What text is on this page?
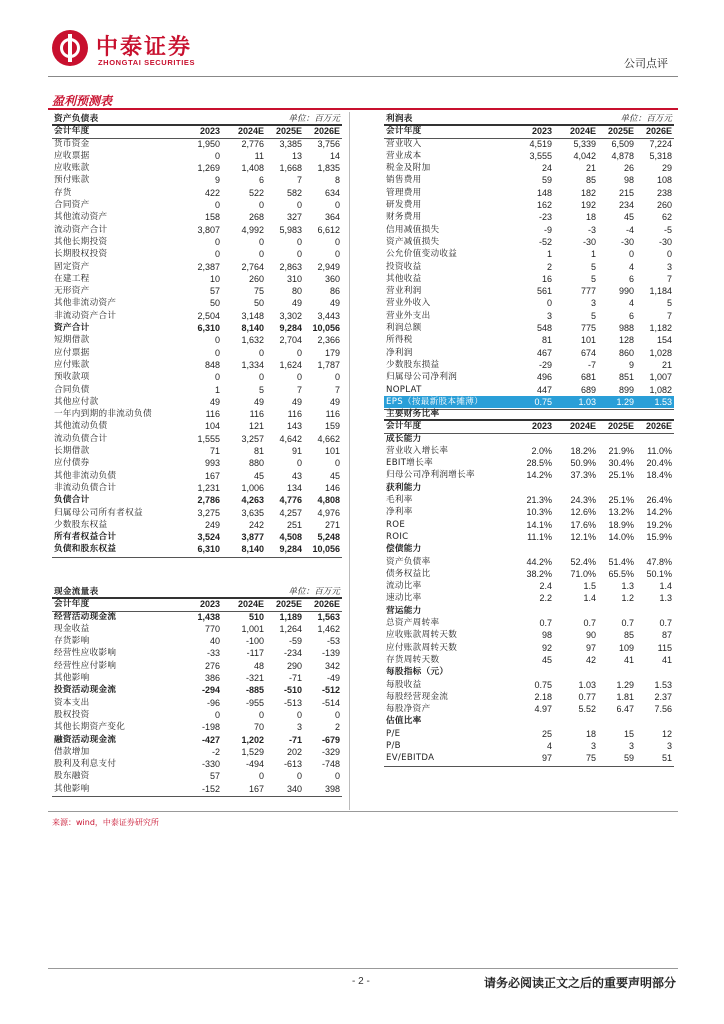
中泰证券
ZHONGTAI SECURITIES	公司点评
盈利预测表
资产负债表	单位：百万元
会计年度	2023	2024E	2025E	2026E
货币资金	1,950	2,776	3,385	3,756
应收票据	0	11	13	14
应收账款	1,269	1,408	1,668	1,835
预付账款	9	6	7	8
存货	422	522	582	634
合同资产	0	0	0	0
其他流动资产	158	268	327	364
流动资产合计	3,807	4,992	5,983	6,612
其他长期投资	0	0	0	0
长期股权投资	0	0	0	0
固定资产	2,387	2,764	2,863	2,949
在建工程	10	260	310	360
无形资产	57	75	80	86
其他非流动资产	50	50	49	49
非流动资产合计	2,504	3,148	3,302	3,443
资产合计	6,310	8,140	9,284	10,056
短期借款	0	1,632	2,704	2,366
应付票据	0	0	0	179
应付账款	848	1,334	1,624	1,787
预收款项	0	0	0	0
合同负债	1	5	7	7
其他应付款	49	49	49	49
一年内到期的非流动负债	116	116	116	116
其他流动负债	104	121	143	159
流动负债合计	1,555	3,257	4,642	4,662
长期借款	71	81	91	101
应付债券	993	880	0	0
其他非流动负债	167	45	43	45
非流动负债合计	1,231	1,006	134	146
负债合计	2,786	4,263	4,776	4,808
归属母公司所有者权益	3,275	3,635	4,257	4,976
少数股东权益	249	242	251	271
所有者权益合计	3,524	3,877	4,508	5,248
负债和股东权益	6,310	8,140	9,284	10,056
现金流量表	单位：百万元
会计年度	2023	2024E	2025E	2026E
经营活动现金流	1,438	510	1,189	1,563
现金收益	770	1,001	1,264	1,462
存货影响	40	-100	-59	-53
经营性应收影响	-33	-117	-234	-139
经营性应付影响	276	48	290	342
其他影响	386	-321	-71	-49
投资活动现金流	-294	-885	-510	-512
资本支出	-96	-955	-513	-514
股权投资	0	0	0	0
其他长期资产变化	-198	70	3	2
融资活动现金流	-427	1,202	-71	-679
借款增加	-2	1,529	202	-329
股利及利息支付	-330	-494	-613	-748
股东融资	57	0	0	0
其他影响	-152	167	340	398
利润表	单位：百万元
会计年度	2023	2024E	2025E	2026E
营业收入	4,519	5,339	6,509	7,224
营业成本	3,555	4,042	4,878	5,318
税金及附加	24	21	26	29
销售费用	59	85	98	108
管理费用	148	182	215	238
研发费用	162	192	234	260
财务费用	-23	18	45	62
信用减值损失	-9	-3	-4	-5
资产减值损失	-52	-30	-30	-30
公允价值变动收益	1	1	0	0
投资收益	2	5	4	3
其他收益	16	5	6	7
营业利润	561	777	990	1,184
营业外收入	0	3	4	5
营业外支出	3	5	6	7
利润总额	548	775	988	1,182
所得税	81	101	128	154
净利润	467	674	860	1,028
少数股东损益	-29	-7	9	21
归属母公司净利润	496	681	851	1,007
NOPLAT	447	689	899	1,082
EPS（按最新股本摊薄）	0.75	1.03	1.29	1.53
主要财务比率
会计年度	2023	2024E	2025E	2026E
成长能力
营业收入增长率	2.0%	18.2%	21.9%	11.0%
EBIT增长率	28.5%	50.9%	30.4%	20.4%
归母公司净利润增长率	14.2%	37.3%	25.1%	18.4%
获利能力
毛利率	21.3%	24.3%	25.1%	26.4%
净利率	10.3%	12.6%	13.2%	14.2%
ROE	14.1%	17.6%	18.9%	19.2%
ROIC	11.1%	12.1%	14.0%	15.9%
偿债能力
资产负债率	44.2%	52.4%	51.4%	47.8%
债务权益比	38.2%	71.0%	65.5%	50.1%
流动比率	2.4	1.5	1.3	1.4
速动比率	2.2	1.4	1.2	1.3
营运能力
总资产周转率	0.7	0.7	0.7	0.7
应收账款周转天数	98	90	85	87
应付账款周转天数	92	97	109	115
存货周转天数	45	42	41	41
每股指标（元）
每股收益	0.75	1.03	1.29	1.53
每股经营现金流	2.18	0.77	1.81	2.37
每股净资产	4.97	5.52	6.47	7.56
估值比率
P/E	25	18	15	12
P/B	4	3	3	3
EV/EBITDA	97	75	59	51
来源：wind，中泰证券研究所
- 2 -	请务必阅读正文之后的重要声明部分
